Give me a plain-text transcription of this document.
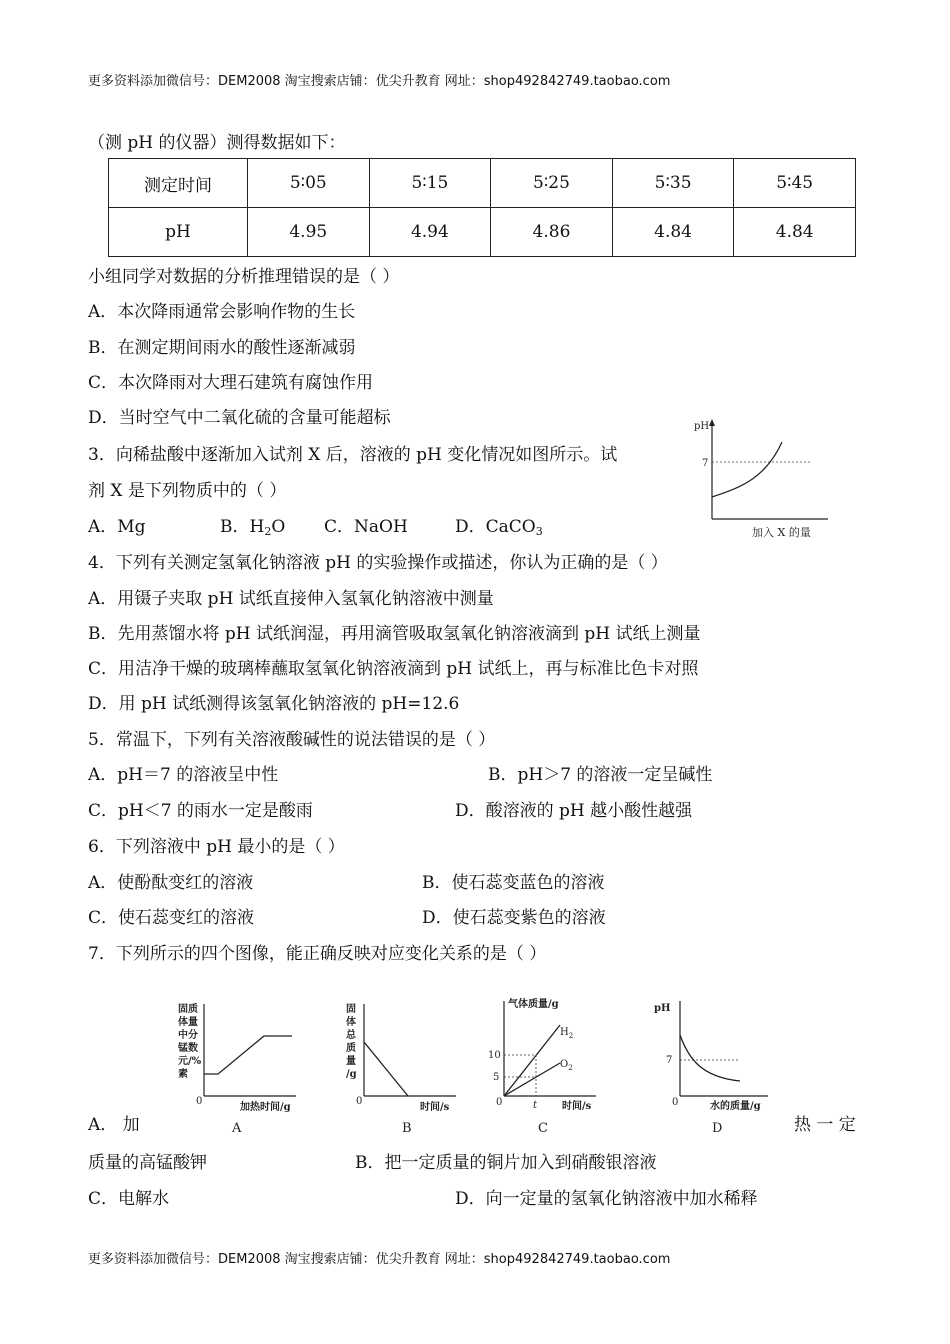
更多资料添加微信号：DEM2008 淘宝搜索店铺：优尖升教育 网址：shop492842749.taobao.com
（测 pH 的仪器）测得数据如下：
测定时间	5∶05	5∶15	5∶25	5∶35	5∶45
pH	4.95	4.94	4.86	4.84	4.84
小组同学对数据的分析推理错误的是（ ）
A．本次降雨通常会影响作物的生长
B．在测定期间雨水的酸性逐渐减弱
C．本次降雨对大理石建筑有腐蚀作用
D．当时空气中二氧化硫的含量可能超标
3．向稀盐酸中逐渐加入试剂 X 后，溶液的 pH 变化情况如图所示。试
剂 X 是下列物质中的（ ）
A．Mg	B．$H_2O$ C．NaOH	D．CaCO$_3$
pH
7
加入 X 的量
4．下列有关测定氢氧化钠溶液 pH 的实验操作或描述，你认为正确的是（ ）
A．用镊子夹取 pH 试纸直接伸入氢氧化钠溶液中测量
B．先用蒸馏水将 pH 试纸润湿，再用滴管吸取氢氧化钠溶液滴到 pH 试纸上测量
C．用洁净干燥的玻璃棒蘸取氢氧化钠溶液滴到 pH 试纸上，再与标准比色卡对照
D．用 pH 试纸测得该氢氧化钠溶液的 pH=12.6
5．常温下，下列有关溶液酸碱性的说法错误的是（ ）
A．pH＝7 的溶液呈中性	B．pH＞7 的溶液一定呈碱性
C．pH＜7 的雨水一定是酸雨	D．酸溶液的 pH 越小酸性越强
6．下列溶液中 pH 最小的是（ ）
A．使酚酞变红的溶液	B．使石蕊变蓝色的溶液
C．使石蕊变红的溶液	D．使石蕊变紫色的溶液
7．下列所示的四个图像，能正确反映对应变化关系的是（ ）
固质
体量
中分
锰数
元/%
素
0
加热时间/g
A
固
体
总
质
量
/g
0
时间/s
B
气体质量/g
10
5
0	t
$H_2$
$O_2$
时间/s
C
pH
7
0	水的质量/g
D
A． 加	热 一 定
质量的高锰酸钾	B．把一定质量的铜片加入到硝酸银溶液
C．电解水	D．向一定量的氢氧化钠溶液中加水稀释
更多资料添加微信号：DEM2008 淘宝搜索店铺：优尖升教育 网址：shop492842749.taobao.com
